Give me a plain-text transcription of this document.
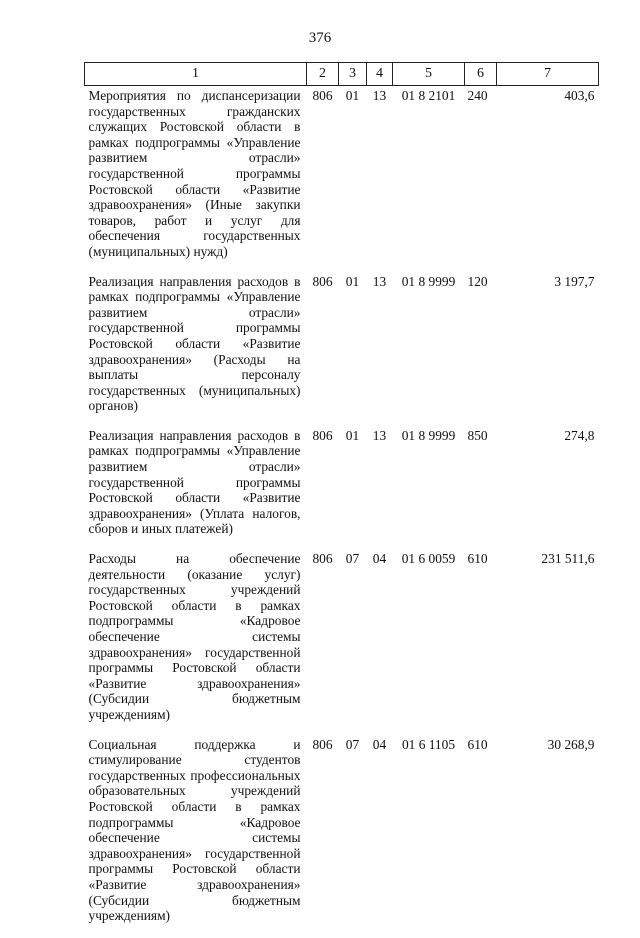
376
1	2	3	4	5	6	7
Мероприятия по диспансеризации государственных гражданских служащих Ростовской области в рамках подпрограммы «Управление развитием отрасли» государственной программы Ростовской области «Развитие здравоохранения» (Иные закупки товаров, работ и услуг для обеспечения государственных (муниципальных) нужд)	806	01	13	01 8 2101	240	403,6
Реализация направления расходов в рамках подпрограммы «Управление развитием отрасли» государственной программы Ростовской области «Развитие здравоохранения» (Расходы на выплаты персоналу государственных (муниципальных) органов)	806	01	13	01 8 9999	120	3 197,7
Реализация направления расходов в рамках подпрограммы «Управление развитием отрасли» государственной программы Ростовской области «Развитие здравоохранения» (Уплата налогов, сборов и иных платежей)	806	01	13	01 8 9999	850	274,8
Расходы на обеспечение деятельности (оказание услуг) государственных учреждений Ростовской области в рамках подпрограммы «Кадровое обеспечение системы здравоохранения» государственной программы Ростовской области «Развитие здравоохранения» (Субсидии бюджетным учреждениям)	806	07	04	01 6 0059	610	231 511,6
Социальная поддержка и стимулирование студентов государственных профессиональных образовательных учреждений Ростовской области в рамках подпрограммы «Кадровое обеспечение системы здравоохранения» государственной программы Ростовской области «Развитие здравоохранения» (Субсидии бюджетным учреждениям)	806	07	04	01 6 1105	610	30 268,9
